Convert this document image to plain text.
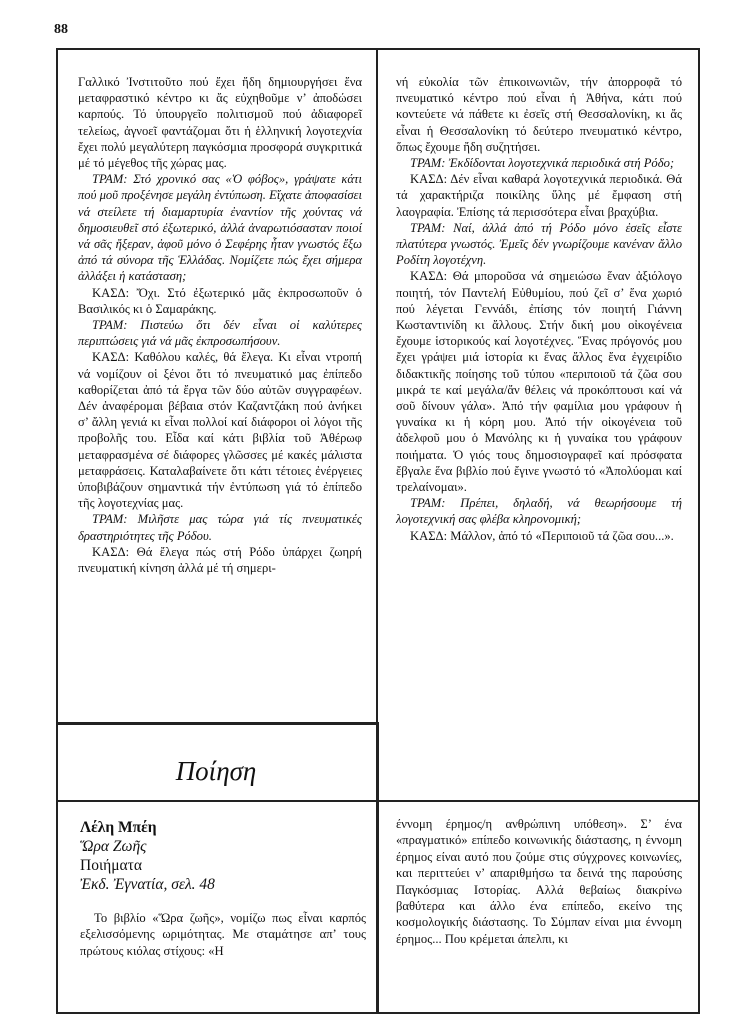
88

Γαλλικό Ἰνστιτοῦτο πού ἔχει ἤδη δημιουργήσει ἕνα μεταφραστικό κέντρο κι ἄς εὐχηθοῦμε ν’ ἀποδώσει καρπούς. Τό ὑπουργεῖο πολιτισμοῦ πού ἀδιαφορεῖ τελείως, ἀγνοεῖ φαντάζομαι ὅτι ἡ ἑλληνική λογοτεχνία ἔχει πολύ μεγαλύτερη παγκόσμια προσφορά συγκριτικά μέ τό μέγεθος τῆς χώρας μας.

ΤΡΑΜ: Στό χρονικό σας «Ὁ φόβος», γράψατε κάτι πού μοῦ προξένησε μεγάλη ἐντύπωση. Εἴχατε ἀποφασίσει νά στείλετε τή διαμαρτυρία ἐναντίον τῆς χούντας νά δημοσιευθεῖ στό ἐξωτερικό, ἀλλά ἀναρωτιόσασταν ποιοί νά σᾶς ἤξεραν, ἀφοῦ μόνο ὁ Σεφέρης ἦταν γνωστός ἔξω ἀπό τά σύνορα τῆς Ἑλλάδας. Νομίζετε πώς ἔχει σήμερα ἀλλάξει ἡ κατάσταση;

ΚΑΣΔ: Ὄχι. Στό ἐξωτερικό μᾶς ἐκπροσωποῦν ὁ Βασιλικός κι ὁ Σαμαράκης.

ΤΡΑΜ: Πιστεύω ὅτι δέν εἶναι οἱ καλύτερες περιπτώσεις γιά νά μᾶς ἐκπροσωπήσουν.

ΚΑΣΔ: Καθόλου καλές, θά ἔλεγα. Κι εἶναι ντροπή νά νομίζουν οἱ ξένοι ὅτι τό πνευματικό μας ἐπίπεδο καθορίζεται ἀπό τά ἔργα τῶν δύο αὐτῶν συγγραφέων. Δέν ἀναφέρομαι βέβαια στόν Καζαντζάκη πού ἀνήκει σ’ ἄλλη γενιά κι εἶναι πολλοί καί διάφοροι οἱ λόγοι τῆς προβολῆς του. Εἶδα καί κάτι βιβλία τοῦ Ἀθέρωφ μεταφρασμένα σέ διάφορες γλῶσσες μέ κακές μάλιστα μεταφράσεις. Καταλαβαίνετε ὅτι κάτι τέτοιες ἐνέργειες ὑποβιβάζουν σημαντικά τήν ἐντύπωση γιά τό ἐπίπεδο τῆς λογοτεχνίας μας.

ΤΡΑΜ: Μιλῆστε μας τώρα γιά τίς πνευματικές δραστηριότητες τῆς Ρόδου.

ΚΑΣΔ: Θά ἔλεγα πώς στή Ρόδο ὑπάρχει ζωηρή πνευματική κίνηση ἀλλά μέ τή σημερι-

νή εὐκολία τῶν ἐπικοινωνιῶν, τήν ἀπορροφᾶ τό πνευματικό κέντρο πού εἶναι ἡ Ἀθήνα, κάτι πού κοντεύετε νά πάθετε κι ἐσεῖς στή Θεσσαλονίκη, κι ἄς εἶναι ἡ Θεσσαλονίκη τό δεύτερο πνευματικό κέντρο, ὅπως ἔχουμε ἤδη συζητήσει.

ΤΡΑΜ: Ἐκδίδονται λογοτεχνικά περιοδικά στή Ρόδο;

ΚΑΣΔ: Δέν εἶναι καθαρά λογοτεχνικά περιοδικά. Θά τά χαρακτήριζα ποικίλης ὕλης μέ ἔμφαση στή λαογραφία. Ἐπίσης τά περισσότερα εἶναι βραχύβια.

ΤΡΑΜ: Ναί, ἀλλά ἀπό τή Ρόδο μόνο ἐσεῖς εἶστε πλατύτερα γνωστός. Ἐμεῖς δέν γνωρίζουμε κανέναν ἄλλο Ροδίτη λογοτέχνη.

ΚΑΣΔ: Θά μποροῦσα νά σημειώσω ἕναν ἀξιόλογο ποιητή, τόν Παντελή Εὐθυμίου, πού ζεῖ σ’ ἕνα χωριό πού λέγεται Γεννάδι, ἐπίσης τόν ποιητή Γιάννη Κωσταντινίδη κι ἄλλους. Στήν δική μου οἰκογένεια ἔχουμε ἱστορικούς καί λογοτέχνες. Ἕνας πρόγονός μου ἔχει γράψει μιά ἱστορία κι ἕνας ἄλλος ἔνα ἐγχειρίδιο διδακτικῆς ποίησης τοῦ τύπου «περιποιοῦ τά ζῶα σου μικρά τε καί μεγάλα/ἄν θέλεις νά προκόπτουσι καί νά σοῦ δίνουν γάλα». Ἀπό τήν φαμίλια μου γράφουν ἡ γυναίκα κι ἡ κόρη μου. Ἀπό τήν οἰκογένεια τοῦ ἀδελφοῦ μου ὁ Μανόλης κι ἡ γυναίκα του γράφουν ποιήματα. Ὁ γιός τους δημοσιογραφεῖ καί πρόσφατα ἔβγαλε ἕνα βιβλίο πού ἔγινε γνωστό τό «Ἀπολύομαι καί τρελαίνομαι».

ΤΡΑΜ: Πρέπει, δηλαδή, νά θεωρήσουμε τή λογοτεχνική σας φλέβα κληρονομική;

ΚΑΣΔ: Μάλλον, ἀπό τό «Περιποιοῦ τά ζῶα σου...».

Ποίηση
Λέλη Μπέη
Ὥρα Ζωῆς
Ποιήματα
Ἐκδ. Ἐγνατία, σελ. 48

Το βιβλίο «Ὥρα ζωῆς», νομίζω πως εἶναι καρπός εξελισσόμενης ωριμότητας. Με σταμάτησε απ’ τους πρώτους κιόλας στίχους: «Η

έννομη έρημος/η ανθρώπινη υπόθεση». Σ’ ένα «πραγματικό» επίπεδο κοινωνικής διάστασης, η έννομη έρημος είναι αυτό που ζούμε στις σύγχρονες κοινωνίες, και περιττεύει ν’ απαριθμήσω τα δεινά της παρούσης Παγκόσμιας Ιστορίας. Αλλά θεβαίως διακρίνω βαθύτερα και άλλο ένα επίπεδο, εκείνο της κοσμολογικής διάστασης. Το Σύμπαν είναι μια έννομη έρημος... Που κρέμεται άπελπι, κι
